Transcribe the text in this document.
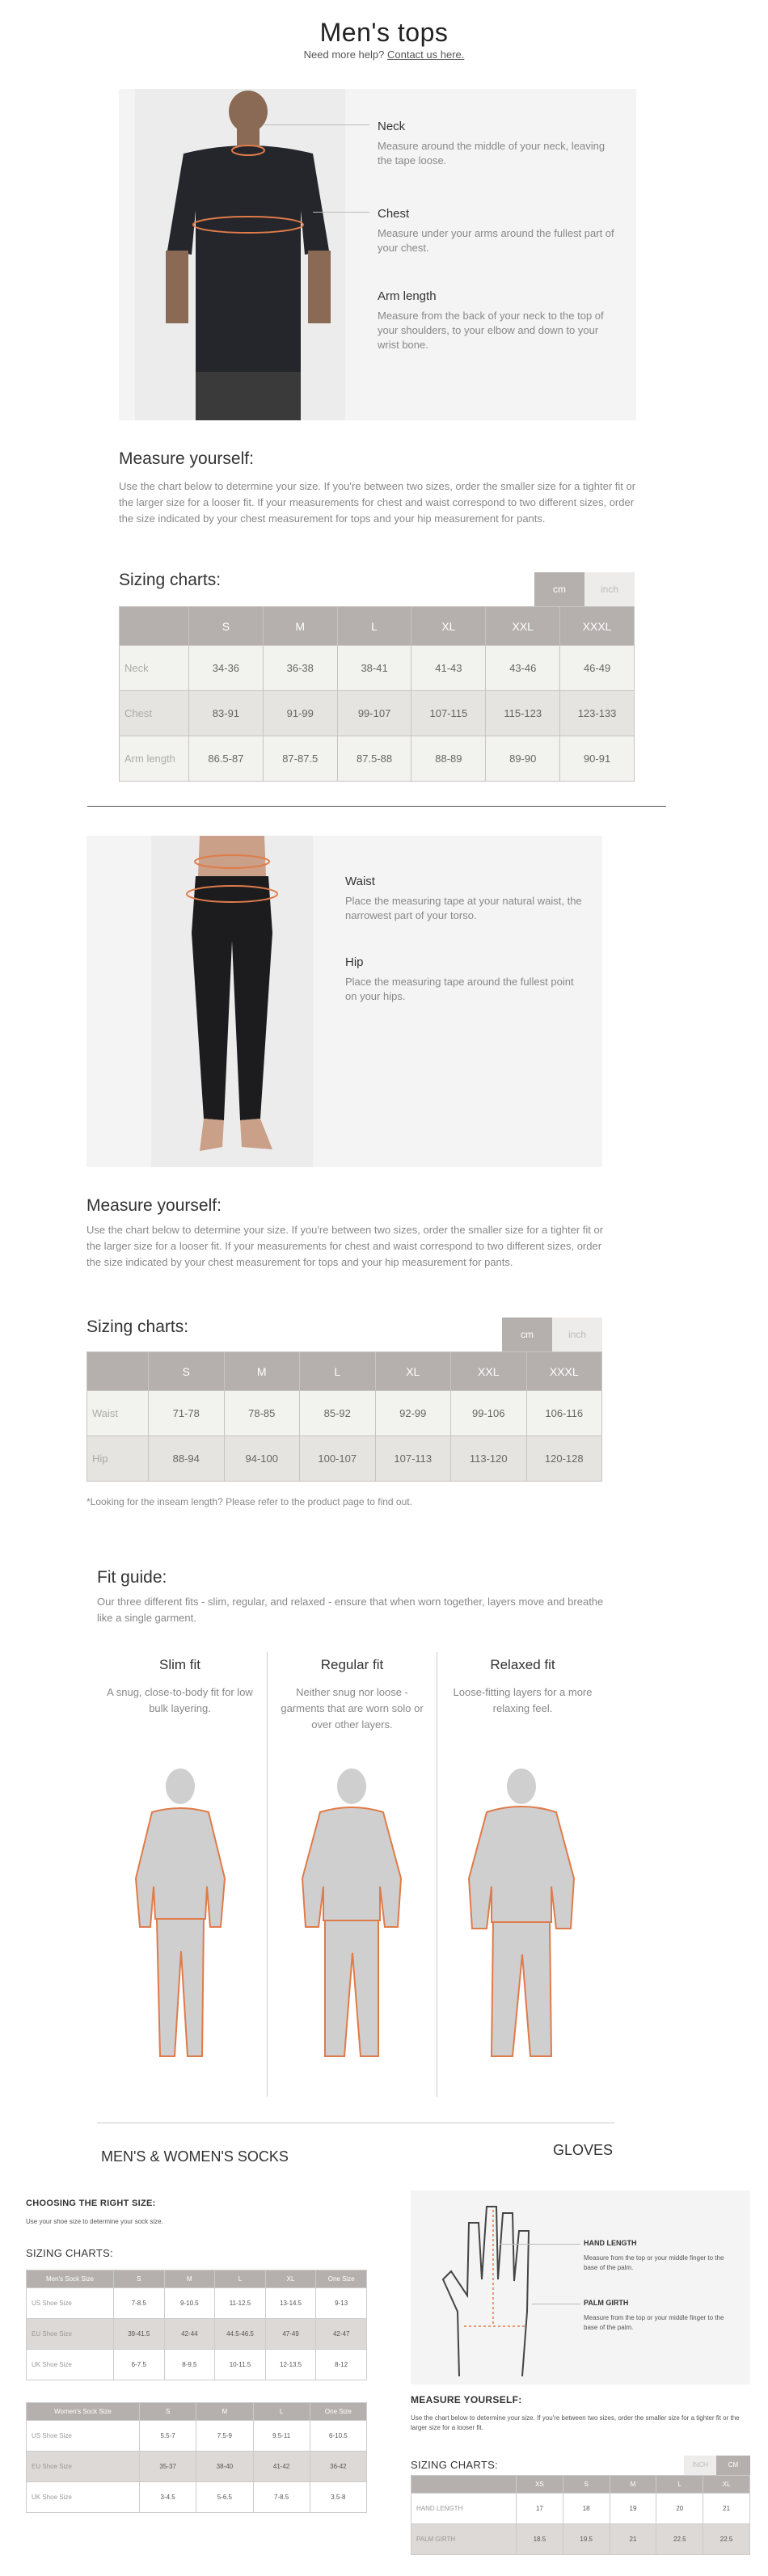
Men's tops
Need more help? Contact us here.
Neck
Measure around the middle of your neck, leaving the tape loose.
Chest
Measure under your arms around the fullest part of your chest.
Arm length
Measure from the back of your neck to the top of your shoulders, to your elbow and down to your wrist bone.
Measure yourself:
Use the chart below to determine your size. If you're between two sizes, order the smaller size for a tighter fit or the larger size for a looser fit. If your measurements for chest and waist correspond to two different sizes, order the size indicated by your chest measurement for tops and your hip measurement for pants.
Sizing charts:	cm	inch
	S	M	L	XL	XXL	XXXL
Neck	34-36	36-38	38-41	41-43	43-46	46-49
Chest	83-91	91-99	99-107	107-115	115-123	123-133
Arm length	86.5-87	87-87.5	87.5-88	88-89	89-90	90-91
Waist
Place the measuring tape at your natural waist, the narrowest part of your torso.
Hip
Place the measuring tape around the fullest point on your hips.
Measure yourself:
Use the chart below to determine your size. If you're between two sizes, order the smaller size for a tighter fit or the larger size for a looser fit. If your measurements for chest and waist correspond to two different sizes, order the size indicated by your chest measurement for tops and your hip measurement for pants.
Sizing charts:	cm	inch
	S	M	L	XL	XXL	XXXL
Waist	71-78	78-85	85-92	92-99	99-106	106-116
Hip	88-94	94-100	100-107	107-113	113-120	120-128
*Looking for the inseam length? Please refer to the product page to find out.
Fit guide:
Our three different fits - slim, regular, and relaxed - ensure that when worn together, layers move and breathe like a single garment.
Slim fit
A snug, close-to-body fit for low bulk layering.
Regular fit
Neither snug nor loose - garments that are worn solo or over other layers.
Relaxed fit
Loose-fitting layers for a more relaxing feel.
MEN'S & WOMEN'S SOCKS
CHOOSING THE RIGHT SIZE:
Use your shoe size to determine your sock size.
SIZING CHARTS:
Men's Sock Size	S	M	L	XL	One Size
US Shoe Size	7-8.5	9-10.5	11-12.5	13-14.5	9-13
EU Shoe Size	39-41.5	42-44	44.5-46.5	47-49	42-47
UK Shoe Size	6-7.5	8-9.5	10-11.5	12-13.5	8-12
Women's Sock Size	S	M	L	One Size
US Shoe Size	5.5-7	7.5-9	9.5-11	6-10.5
EU Shoe Size	35-37	38-40	41-42	36-42
UK Shoe Size	3-4.5	5-6.5	7-8.5	3.5-8
GLOVES
HAND LENGTH
Measure from the top or your middle finger to the base of the palm.
PALM GIRTH
Measure from the top or your middle finger to the base of the palm.
MEASURE YOURSELF:
Use the chart below to determine your size. If you're between two sizes, order the smaller size for a tighter fit or the larger size for a looser fit.
SIZING CHARTS:	INCH	CM
	XS	S	M	L	XL
HAND LENGTH	17	18	19	20	21
PALM GIRTH	18.5	19.5	21	22.5	22.5
